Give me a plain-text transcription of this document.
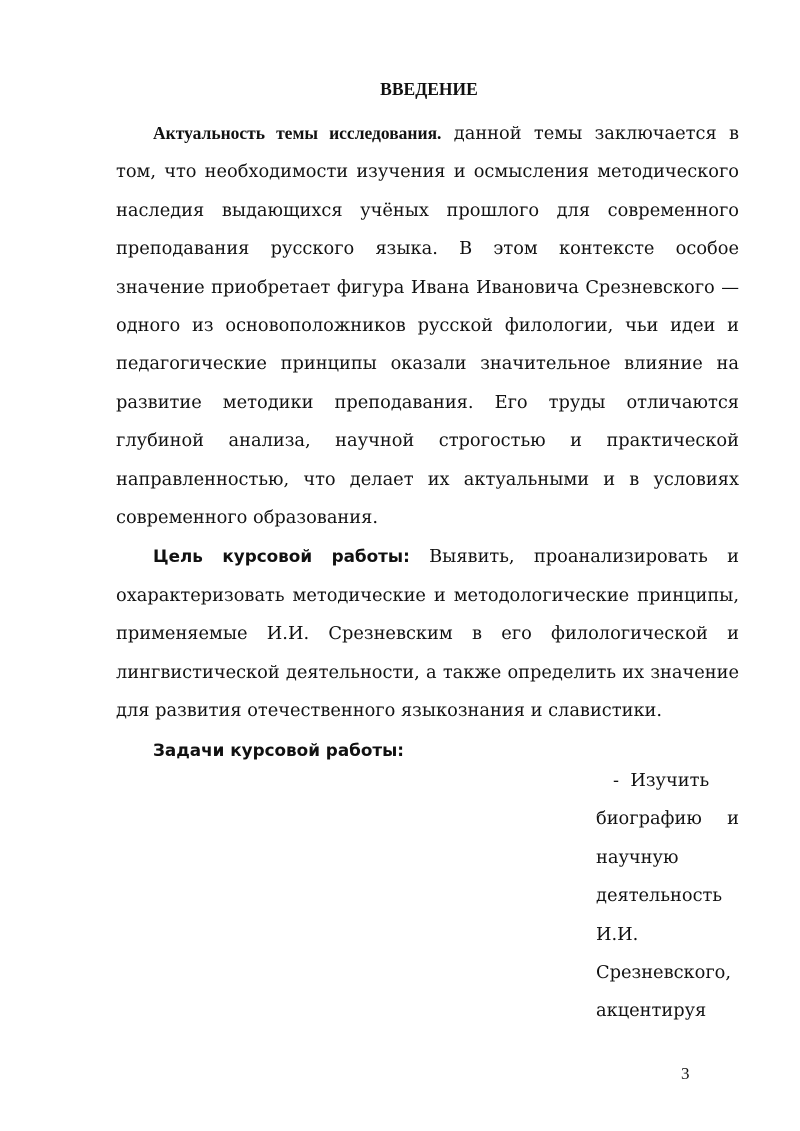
ВВЕДЕНИЕ

Актуальность темы исследования. данной темы заключается в том, что необходимости изучения и осмысления методического наследия выдающихся учёных прошлого для современного преподавания русского языка. В этом контексте особое значение приобретает фигура Ивана Ивановича Срезневского — одного из основоположников русской филологии, чьи идеи и педагогические принципы оказали значительное влияние на развитие методики преподавания. Его труды отличаются глубиной анализа, научной строгостью и практической направленностью, что делает их актуальными и в условиях современного образования.

Цель курсовой работы: Выявить, проанализировать и охарактеризовать методические и методологические принципы, применяемые И.И. Срезневским в его филологической и лингвистической деятельности, а также определить их значение для развития отечественного языкознания и славистики.

Задачи курсовой работы:

- Изучить
биографию и
научную
деятельность
И.И.
Срезневского,
акцентируя
3
